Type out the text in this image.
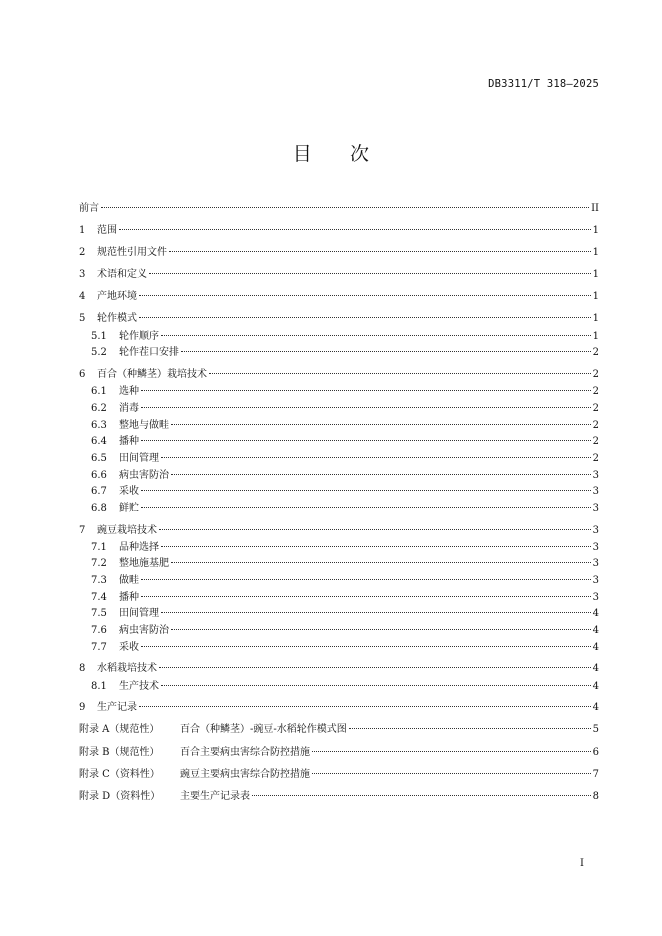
DB3311/T 318—2025
目 次
前言	II
1	范围	1
2	规范性引用文件	1
3	术语和定义	1
4	产地环境	1
5	轮作模式	1
5.1	轮作顺序	1
5.2	轮作茬口安排	2
6	百合（种鳞茎）栽培技术	2
6.1	选种	2
6.2	消毒	2
6.3	整地与做畦	2
6.4	播种	2
6.5	田间管理	2
6.6	病虫害防治	3
6.7	采收	3
6.8	鲜贮	3
7	豌豆栽培技术	3
7.1	品种选择	3
7.2	整地施基肥	3
7.3	做畦	3
7.4	播种	3
7.5	田间管理	4
7.6	病虫害防治	4
7.7	采收	4
8	水稻栽培技术	4
8.1	生产技术	4
9	生产记录	4
附录 A（规范性）	百合（种鳞茎）-豌豆-水稻轮作模式图	5
附录 B（规范性）	百合主要病虫害综合防控措施	6
附录 C（资料性）	豌豆主要病虫害综合防控措施	7
附录 D（资料性）	主要生产记录表	8
I
